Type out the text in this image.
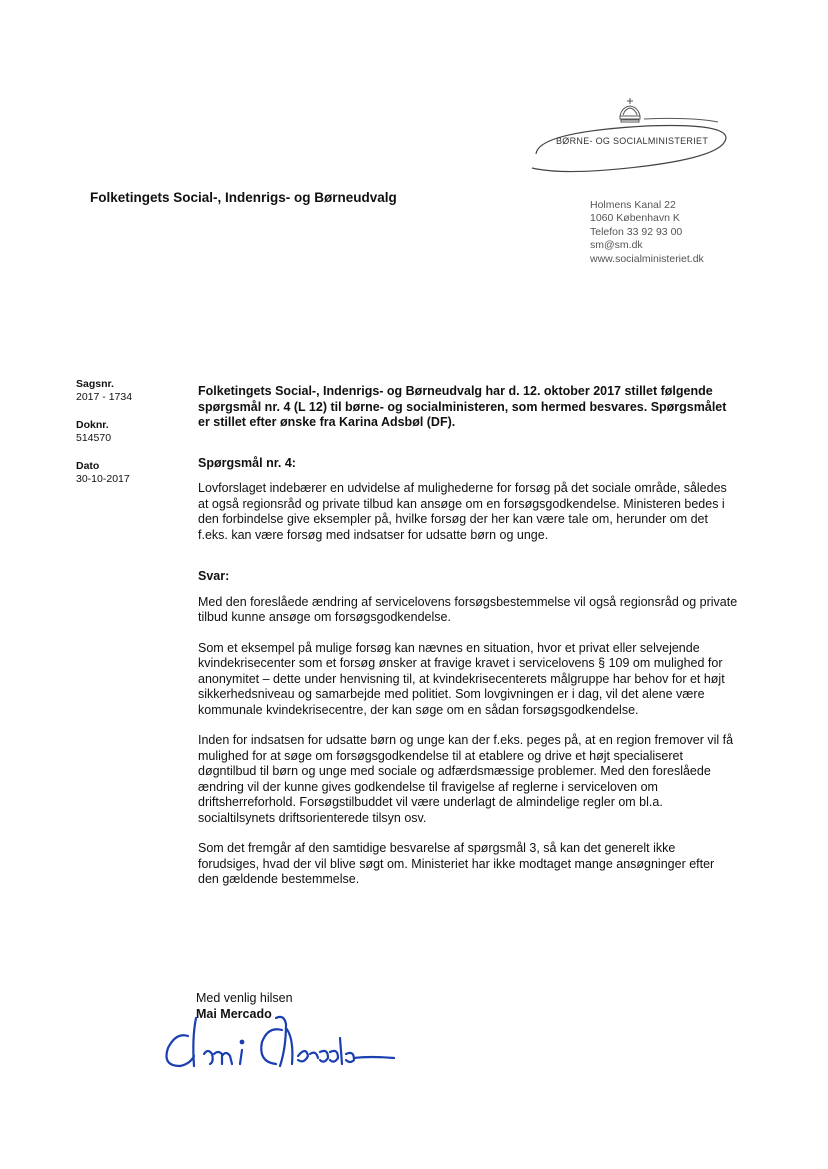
BØRNE- OG SOCIALMINISTERIET
Folketingets Social-, Indenrigs- og Børneudvalg	Holmens Kanal 22
1060 København K
Telefon 33 92 93 00
sm@sm.dk
www.socialministeriet.dk
Sagsnr.
2017 - 1734
Doknr.
514570
Dato
30-10-2017

Folketingets Social-, Indenrigs- og Børneudvalg har d. 12. oktober 2017 stillet følgende spørgsmål nr. 4 (L 12) til børne- og socialministeren, som hermed besvares. Spørgsmålet er stillet efter ønske fra Karina Adsbøl (DF).

Spørgsmål nr. 4:

Lovforslaget indebærer en udvidelse af mulighederne for forsøg på det sociale område, således at også regionsråd og private tilbud kan ansøge om en forsøgsgodkendelse. Ministeren bedes i den forbindelse give eksempler på, hvilke forsøg der her kan være tale om, herunder om det f.eks. kan være forsøg med indsatser for udsatte børn og unge.

Svar:

Med den foreslåede ændring af servicelovens forsøgsbestemmelse vil også regionsråd og private tilbud kunne ansøge om forsøgsgodkendelse.

Som et eksempel på mulige forsøg kan nævnes en situation, hvor et privat eller selvejende kvindekrisecenter som et forsøg ønsker at fravige kravet i servicelovens § 109 om mulighed for anonymitet – dette under henvisning til, at kvindekrisecenterets målgruppe har behov for et højt sikkerhedsniveau og samarbejde med politiet. Som lovgivningen er i dag, vil det alene være kommunale kvindekrisecentre, der kan søge om en sådan forsøgsgodkendelse.

Inden for indsatsen for udsatte børn og unge kan der f.eks. peges på, at en region fremover vil få mulighed for at søge om forsøgsgodkendelse til at etablere og drive et højt specialiseret døgntilbud til børn og unge med sociale og adfærdsmæssige problemer. Med den foreslåede ændring vil der kunne gives godkendelse til fravigelse af reglerne i serviceloven om driftsherreforhold. Forsøgstilbuddet vil være underlagt de almindelige regler om bl.a. socialtilsynets driftsorienterede tilsyn osv.

Som det fremgår af den samtidige besvarelse af spørgsmål 3, så kan det generelt ikke forudsiges, hvad der vil blive søgt om. Ministeriet har ikke modtaget mange ansøgninger efter den gældende bestemmelse.

Med venlig hilsen
Mai Mercado
